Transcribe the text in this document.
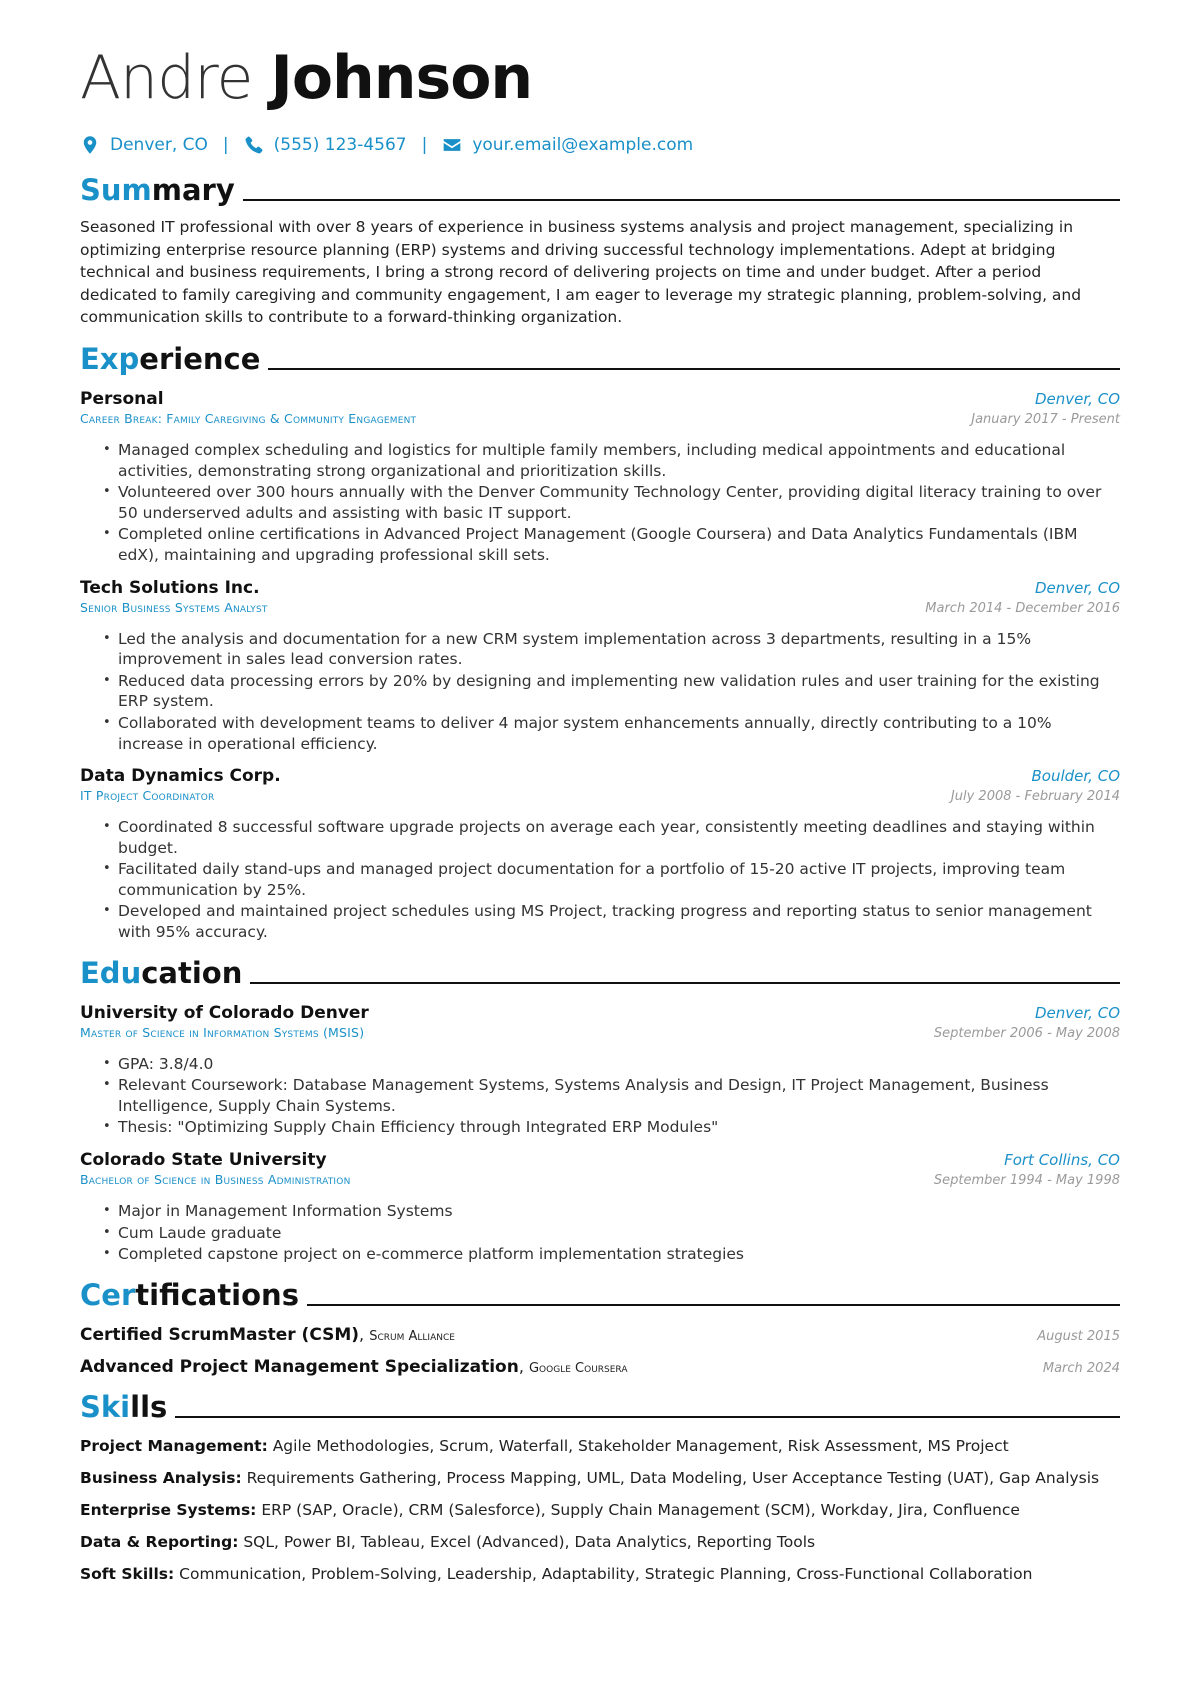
Andre Johnson
Denver, CO |	(555) 123-4567 |	your.email@example.com
Summary
Seasoned IT professional with over 8 years of experience in business systems analysis and project management, specializing in optimizing enterprise resource planning (ERP) systems and driving successful technology implementations. Adept at bridging technical and business requirements, I bring a strong record of delivering projects on time and under budget. After a period dedicated to family caregiving and community engagement, I am eager to leverage my strategic planning, problem-solving, and communication skills to contribute to a forward-thinking organization.
Experience
Personal	Denver, CO
Career Break: Family Caregiving & Community Engagement	January 2017 - Present
• Managed complex scheduling and logistics for multiple family members, including medical appointments and educational activities, demonstrating strong organizational and prioritization skills.
• Volunteered over 300 hours annually with the Denver Community Technology Center, providing digital literacy training to over 50 underserved adults and assisting with basic IT support.
• Completed online certifications in Advanced Project Management (Google Coursera) and Data Analytics Fundamentals (IBM edX), maintaining and upgrading professional skill sets.
Tech Solutions Inc.	Denver, CO
Senior Business Systems Analyst	March 2014 - December 2016
• Led the analysis and documentation for a new CRM system implementation across 3 departments, resulting in a 15% improvement in sales lead conversion rates.
• Reduced data processing errors by 20% by designing and implementing new validation rules and user training for the existing ERP system.
• Collaborated with development teams to deliver 4 major system enhancements annually, directly contributing to a 10% increase in operational efficiency.
Data Dynamics Corp.	Boulder, CO
IT Project Coordinator	July 2008 - February 2014
• Coordinated 8 successful software upgrade projects on average each year, consistently meeting deadlines and staying within budget.
• Facilitated daily stand-ups and managed project documentation for a portfolio of 15-20 active IT projects, improving team communication by 25%.
• Developed and maintained project schedules using MS Project, tracking progress and reporting status to senior management with 95% accuracy.
Education
University of Colorado Denver	Denver, CO
Master of Science in Information Systems (MSIS)	September 2006 - May 2008
• GPA: 3.8/4.0
• Relevant Coursework: Database Management Systems, Systems Analysis and Design, IT Project Management, Business Intelligence, Supply Chain Systems.
• Thesis: "Optimizing Supply Chain Efficiency through Integrated ERP Modules"
Colorado State University	Fort Collins, CO
Bachelor of Science in Business Administration	September 1994 - May 1998
• Major in Management Information Systems
• Cum Laude graduate
• Completed capstone project on e-commerce platform implementation strategies
Certifications
Certified ScrumMaster (CSM), Scrum Alliance	August 2015
Advanced Project Management Specialization, Google Coursera	March 2024
Skills
Project Management: Agile Methodologies, Scrum, Waterfall, Stakeholder Management, Risk Assessment, MS Project
Business Analysis: Requirements Gathering, Process Mapping, UML, Data Modeling, User Acceptance Testing (UAT), Gap Analysis
Enterprise Systems: ERP (SAP, Oracle), CRM (Salesforce), Supply Chain Management (SCM), Workday, Jira, Confluence
Data & Reporting: SQL, Power BI, Tableau, Excel (Advanced), Data Analytics, Reporting Tools
Soft Skills: Communication, Problem-Solving, Leadership, Adaptability, Strategic Planning, Cross-Functional Collaboration
